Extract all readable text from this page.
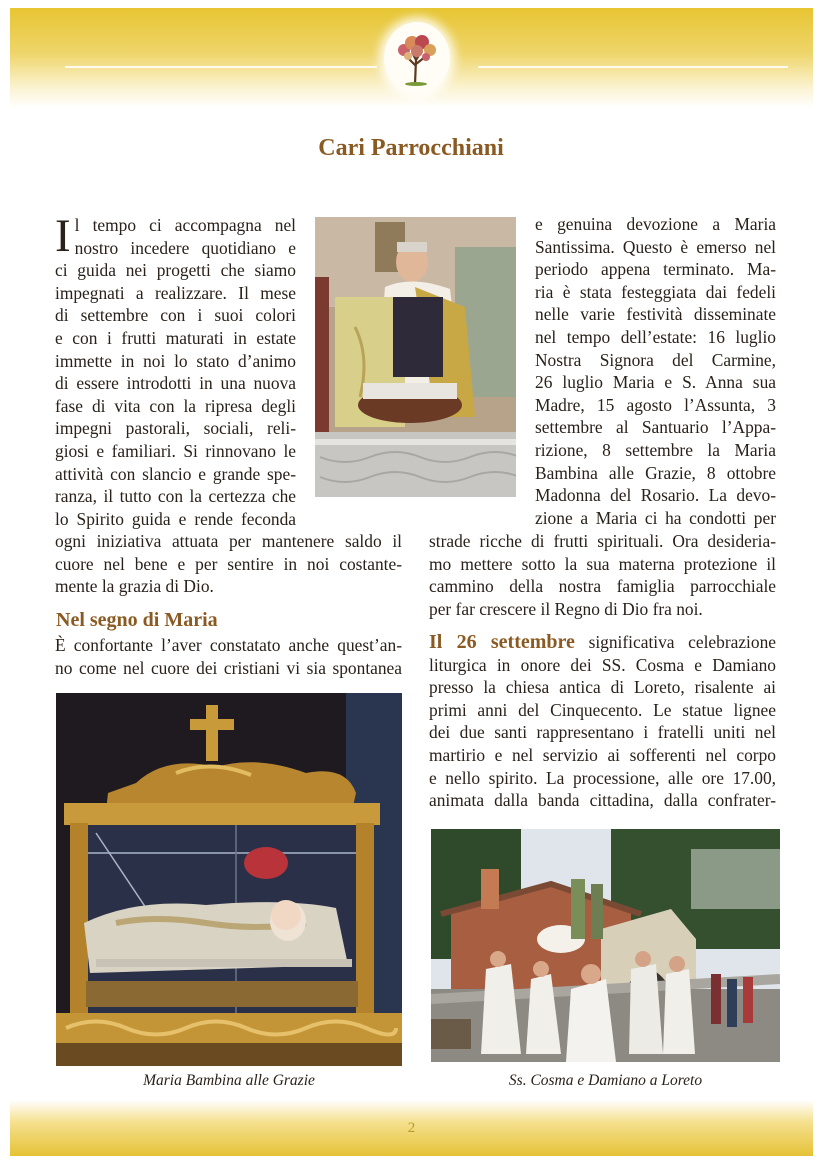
Cari Parrocchiani
I l tempo ci accompagna nel
nostro incedere quotidiano e
ci guida nei progetti che siamo
impegnati a realizzare. Il mese
di settembre con i suoi colori
e con i frutti maturati in estate
immette in noi lo stato d’animo
di essere introdotti in una nuova
fase di vita con la ripresa degli
impegni pastorali, sociali, reli-
giosi e familiari. Si rinnovano le
attività con slancio e grande spe-
ranza, il tutto con la certezza che
lo Spirito guida e rende feconda
ogni iniziativa attuata per mantenere saldo il
cuore nel bene e per sentire in noi costante-
mente la grazia di Dio.
Nel segno di Maria
È confortante l’aver constatato anche quest’an-
no come nel cuore dei cristiani vi sia spontanea
e genuina devozione a Maria
Santissima. Questo è emerso nel
periodo appena terminato. Ma-
ria è stata festeggiata dai fedeli
nelle varie festività disseminate
nel tempo dell’estate: 16 luglio
Nostra Signora del Carmine,
26 luglio Maria e S. Anna sua
Madre, 15 agosto l’Assunta, 3
settembre al Santuario l’Appa-
rizione, 8 settembre la Maria
Bambina alle Grazie, 8 ottobre
Madonna del Rosario. La devo-
zione a Maria ci ha condotti per
strade ricche di frutti spirituali. Ora desideria-
mo mettere sotto la sua materna protezione il
cammino della nostra famiglia parrocchiale
per far crescere il Regno di Dio fra noi.
Il 26 settembre significativa celebrazione
liturgica in onore dei SS. Cosma e Damiano
presso la chiesa antica di Loreto, risalente ai
primi anni del Cinquecento. Le statue lignee
dei due santi rappresentano i fratelli uniti nel
martirio e nel servizio ai sofferenti nel corpo
e nello spirito. La processione, alle ore 17.00,
animata dalla banda cittadina, dalla confrater-
Maria Bambina alle Grazie	Ss. Cosma e Damiano a Loreto
2
